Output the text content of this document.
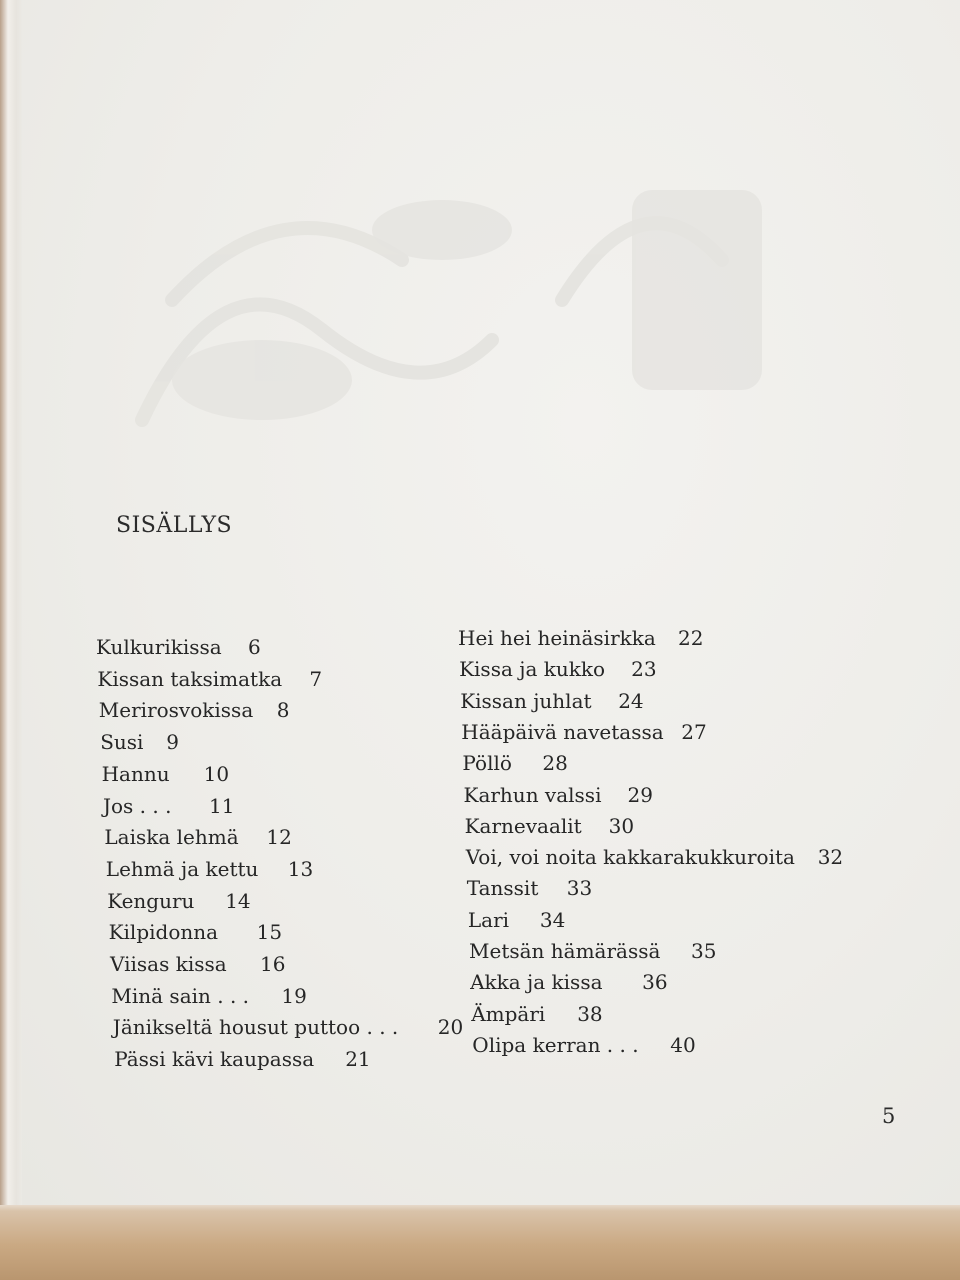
SISÄLLYS
Kulkurikissa 6
Kissan taksimatka 7
Merirosvokissa 8
Susi 9
Hannu 10
Jos . . . 11
Laiska lehmä 12
Lehmä ja kettu 13
Kenguru 14
Kilpidonna 15
Viisas kissa 16
Minä sain . . . 19
Jänikseltä housut puttoo . . . 20
Pässi kävi kaupassa 21
Hei hei heinäsirkka 22
Kissa ja kukko 23
Kissan juhlat 24
Hääpäivä navetassa 27
Pöllö 28
Karhun valssi 29
Karnevaalit 30
Voi, voi noita kakkarakukkuroita 32
Tanssit 33
Lari 34
Metsän hämärässä 35
Akka ja kissa 36
Ämpäri 38
Olipa kerran . . . 40
5
